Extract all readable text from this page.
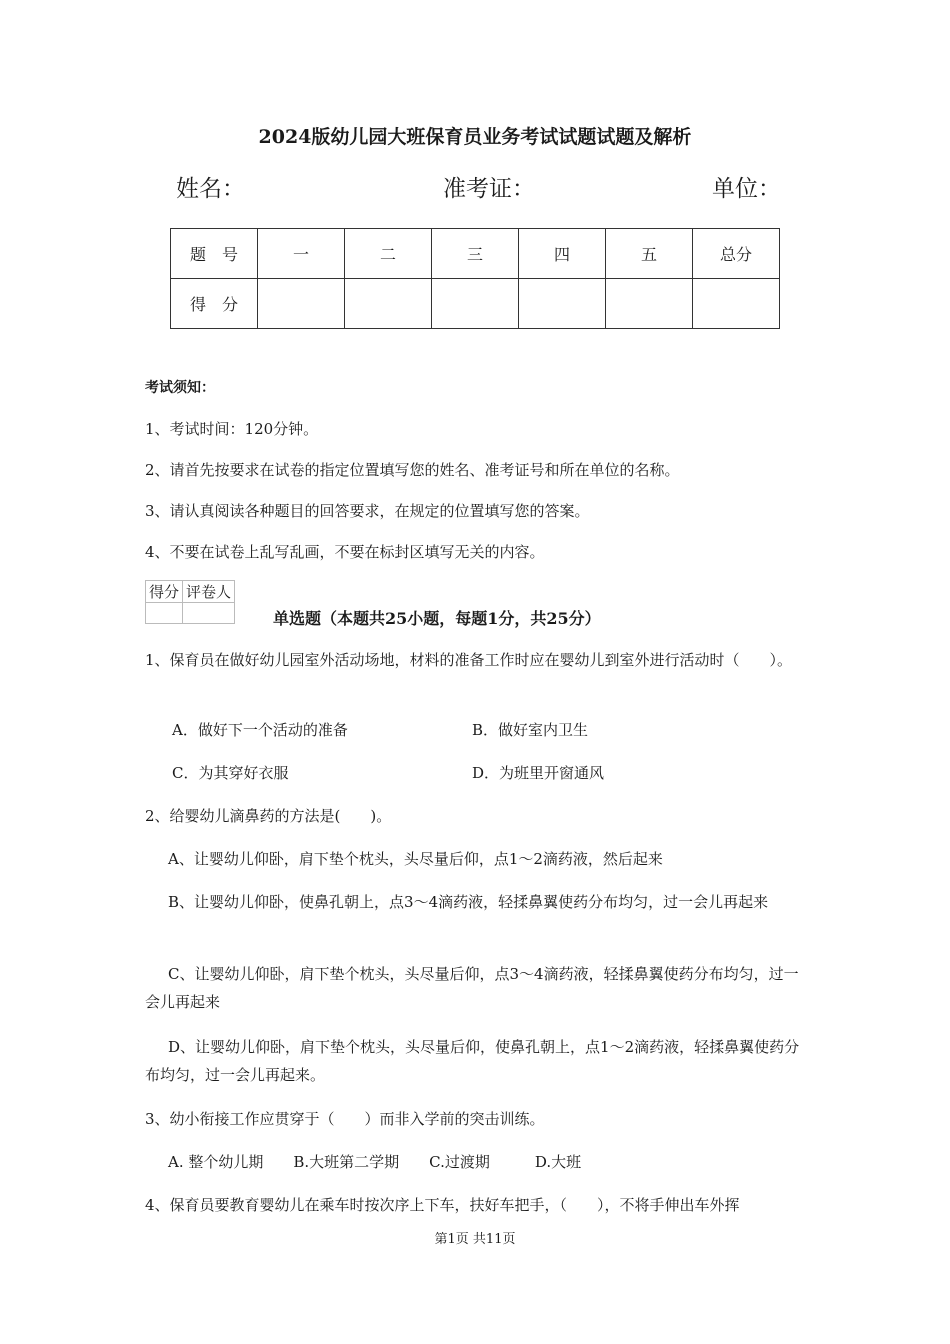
2024版幼儿园大班保育员业务考试试题试题及解析
姓名：	准考证：	单位：
题　号	一	二	三	四	五	总分
得　分						
考试须知：
1、考试时间：120分钟。
2、请首先按要求在试卷的指定位置填写您的姓名、准考证号和所在单位的名称。
3、请认真阅读各种题目的回答要求，在规定的位置填写您的答案。
4、不要在试卷上乱写乱画，不要在标封区填写无关的内容。
得分	评卷人

单选题（本题共25小题，每题1分，共25分）
1、保育员在做好幼儿园室外活动场地，材料的准备工作时应在婴幼儿到室外进行活动时（　　）。
A．做好下一个活动的准备	B．做好室内卫生
C．为其穿好衣服	D．为班里开窗通风
2、给婴幼儿滴鼻药的方法是(　　)。
A、让婴幼儿仰卧，肩下垫个枕头，头尽量后仰，点1～2滴药液，然后起来
B、让婴幼儿仰卧，使鼻孔朝上，点3～4滴药液，轻揉鼻翼使药分布均匀，过一会儿再起来
C、让婴幼儿仰卧，肩下垫个枕头，头尽量后仰，点3～4滴药液，轻揉鼻翼使药分布均匀，过一会儿再起来
D、让婴幼儿仰卧，肩下垫个枕头，头尽量后仰，使鼻孔朝上，点1～2滴药液，轻揉鼻翼使药分布均匀，过一会儿再起来。
3、幼小衔接工作应贯穿于（　　）而非入学前的突击训练。
A. 整个幼儿期　　B.大班第二学期　　C.过渡期　　　D.大班
4、保育员要教育婴幼儿在乘车时按次序上下车，扶好车把手，（　　），不将手伸出车外挥
第1页 共11页
